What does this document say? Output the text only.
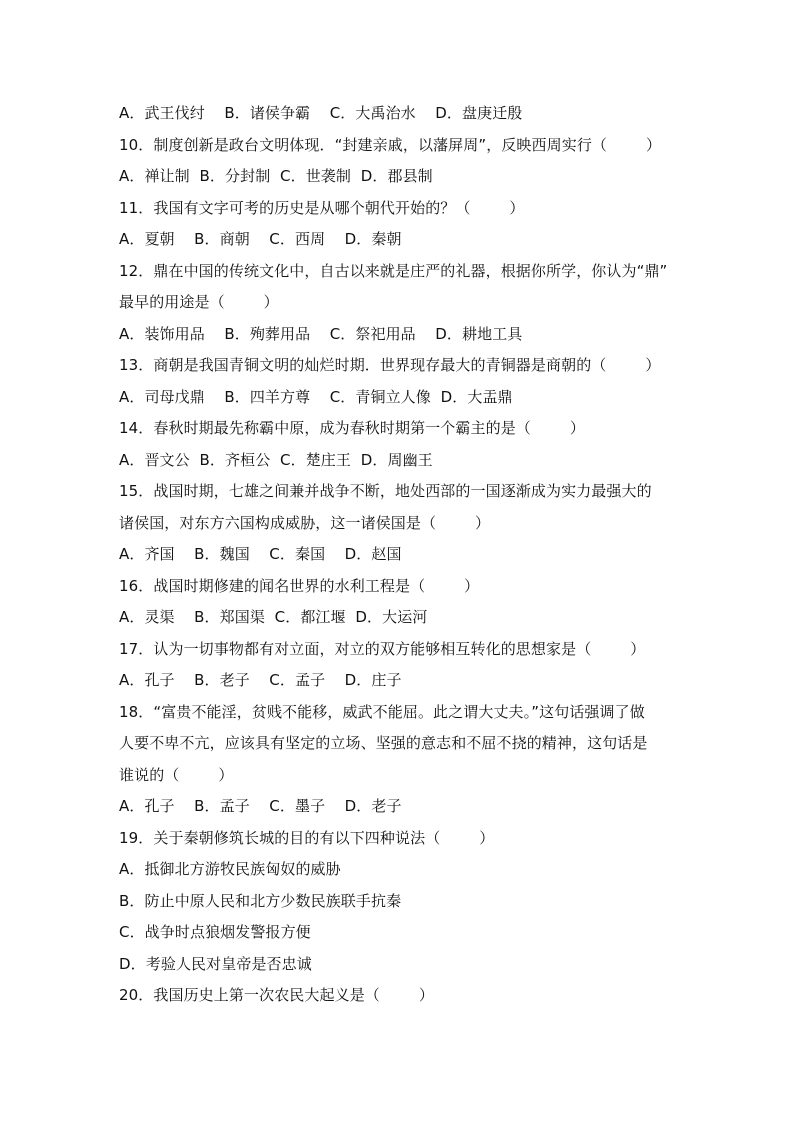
A．武王伐纣    B．诸侯争霸    C．大禹治水    D．盘庚迁殷
10．制度创新是政台文明体现．“封建亲戚，以藩屏周”，反映西周实行（        ）
A．禅让制  B．分封制  C．世袭制  D．郡县制
11．我国有文字可考的历史是从哪个朝代开始的？（        ）
A．夏朝    B．商朝    C．西周    D．秦朝
12．鼎在中国的传统文化中，自古以来就是庄严的礼器，根据你所学，你认为“鼎”
最早的用途是（        ）
A．装饰用品    B．殉葬用品    C．祭祀用品    D．耕地工具
13．商朝是我国青铜文明的灿烂时期．世界现存最大的青铜器是商朝的（        ）
A．司母戊鼎    B．四羊方尊    C．青铜立人像  D．大盂鼎
14．春秋时期最先称霸中原，成为春秋时期第一个霸主的是（        ）
A．晋文公  B．齐桓公  C．楚庄王  D．周幽王
15．战国时期，七雄之间兼并战争不断，地处西部的一国逐渐成为实力最强大的
诸侯国，对东方六国构成威胁，这一诸侯国是（        ）
A．齐国    B．魏国    C．秦国    D．赵国
16．战国时期修建的闻名世界的水利工程是（        ）
A．灵渠    B．郑国渠  C．都江堰  D．大运河
17．认为一切事物都有对立面，对立的双方能够相互转化的思想家是（        ）
A．孔子    B．老子    C．孟子    D．庄子
18．“富贵不能淫，贫贱不能移，威武不能屈。此之谓大丈夫。”这句话强调了做
人要不卑不亢，应该具有坚定的立场、坚强的意志和不屈不挠的精神，这句话是
谁说的（        ）
A．孔子    B．孟子    C．墨子    D．老子
19．关于秦朝修筑长城的目的有以下四种说法（        ）
A．抵御北方游牧民族匈奴的威胁
B．防止中原人民和北方少数民族联手抗秦
C．战争时点狼烟发警报方便
D．考验人民对皇帝是否忠诚
20．我国历史上第一次农民大起义是（        ）
